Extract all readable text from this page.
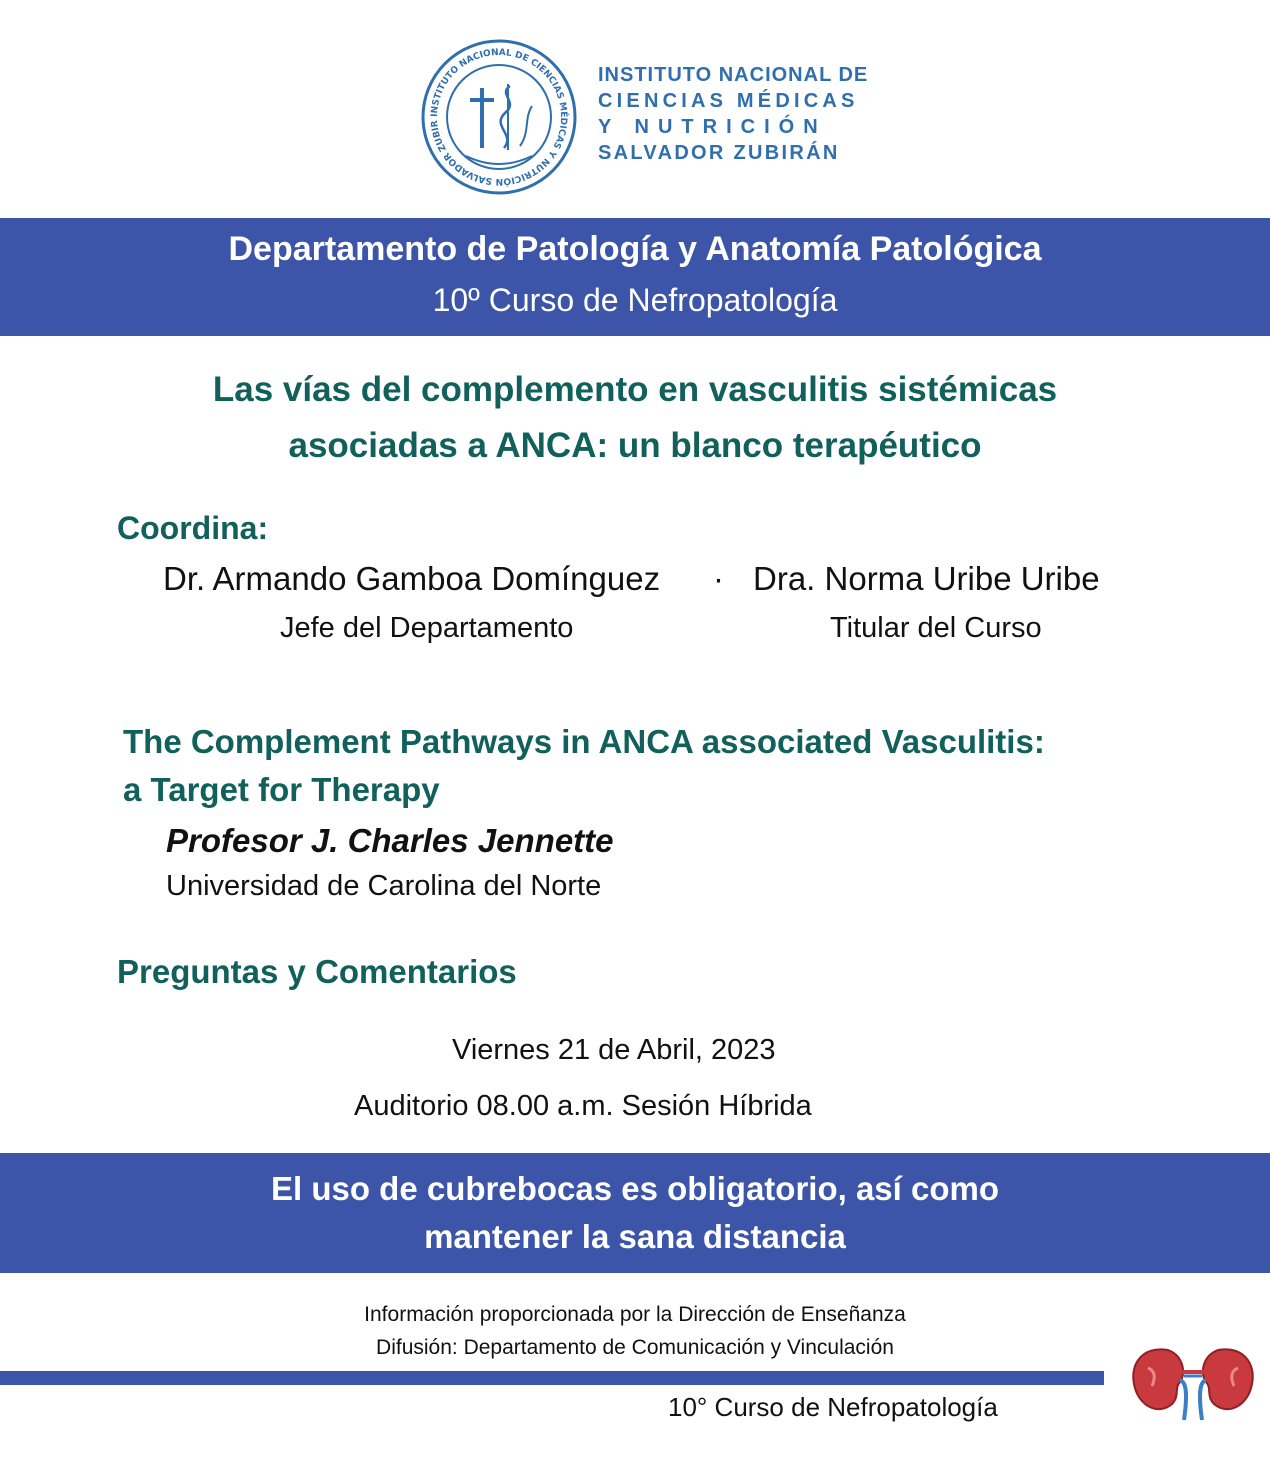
INSTITUTO NACIONAL DE CIENCIAS MÉDICAS Y NUTRICIÓN SALVADOR ZUBIR
INSTITUTO NACIONAL DE
CIENCIAS MÉDICAS
Y NUTRICIÓN
SALVADOR ZUBIRÁN
Departamento de Patología y Anatomía Patológica
10º Curso de Nefropatología
Las vías del complemento en vasculitis sistémicas
asociadas a ANCA: un blanco terapéutico
Coordina:
Dr. Armando Gamboa Domínguez · Dra. Norma Uribe Uribe
Jefe del Departamento	Titular del Curso
The Complement Pathways in ANCA associated Vasculitis:
a Target for Therapy
Profesor J. Charles Jennette
Universidad de Carolina del Norte
Preguntas y Comentarios
Viernes 21 de Abril, 2023
Auditorio 08.00 a.m. Sesión Híbrida
El uso de cubrebocas es obligatorio, así como
mantener la sana distancia
Información proporcionada por la Dirección de Enseñanza
Difusión: Departamento de Comunicación y Vinculación
10° Curso de Nefropatología
